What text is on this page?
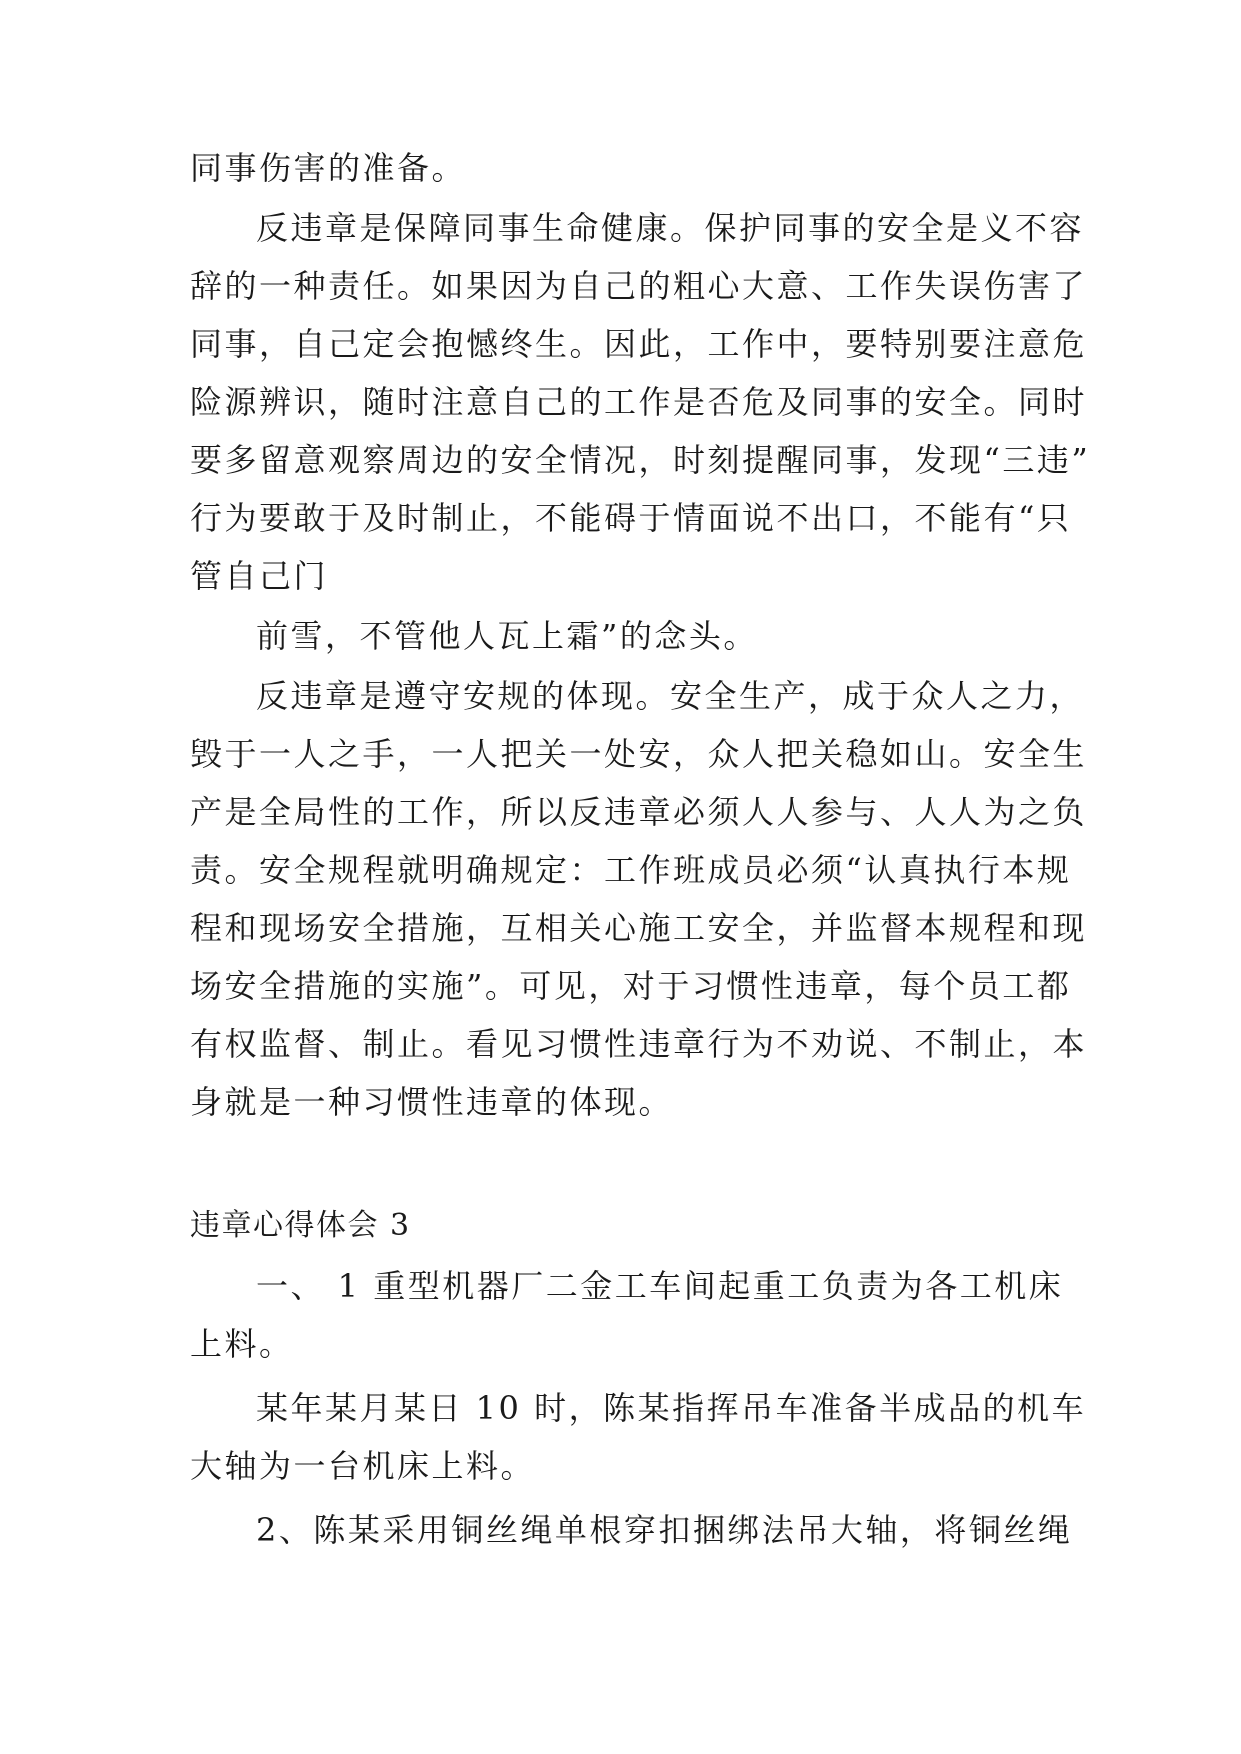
同事伤害的准备。
反违章是保障同事生命健康。保护同事的安全是义不容
辞的一种责任。如果因为自己的粗心大意、工作失误伤害了
同事，自己定会抱憾终生。因此，工作中，要特别要注意危
险源辨识，随时注意自己的工作是否危及同事的安全。同时
要多留意观察周边的安全情况，时刻提醒同事，发现“三违”
行为要敢于及时制止，不能碍于情面说不出口，不能有“只
管自己门
前雪，不管他人瓦上霜”的念头。
反违章是遵守安规的体现。安全生产，成于众人之力，
毁于一人之手，一人把关一处安，众人把关稳如山。安全生
产是全局性的工作，所以反违章必须人人参与、人人为之负
责。安全规程就明确规定：工作班成员必须“认真执行本规
程和现场安全措施，互相关心施工安全，并监督本规程和现
场安全措施的实施”。可见，对于习惯性违章，每个员工都
有权监督、制止。看见习惯性违章行为不劝说、不制止，本
身就是一种习惯性违章的体现。
违章心得体会 3
一、 1 重型机器厂二金工车间起重工负责为各工机床
上料。
某年某月某日 10 时，陈某指挥吊车准备半成品的机车
大轴为一台机床上料。
2、陈某采用铜丝绳单根穿扣捆绑法吊大轴，将铜丝绳
